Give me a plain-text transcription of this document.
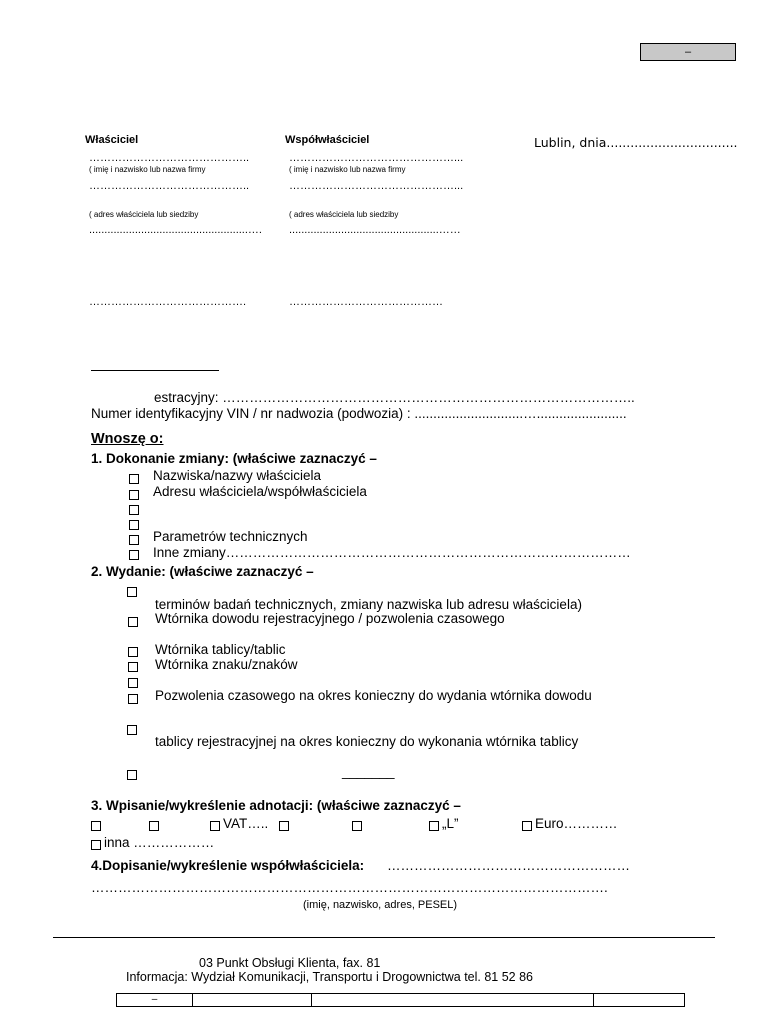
–
Właściciel
……………………………………..
( imię i nazwisko lub nazwa firmy
……………………………………..
( adres właściciela lub siedziby
....................................................….
…………………………………….
Współwłaściciel
………………………………………...
( imię i nazwisko lub nazwa firmy
………………………………………...
( adres właściciela lub siedziby
.................................................……
……………………………………
Lublin, dnia.................................
estracyjny: ………………………………………………………………………………..
Numer identyfikacyjny VIN / nr nadwozia (podwozia) : .............................…........................
Wnoszę o:
1. Dokonanie zmiany: (właściwe zaznaczyć –
Nazwiska/nazwy właściciela
Adresu właściciela/współwłaściciela
Parametrów technicznych
Inne zmiany………………………………………………………………………………
2. Wydanie: (właściwe zaznaczyć –
terminów badań technicznych, zmiany nazwiska lub adresu właściciela)
Wtórnika dowodu rejestracyjnego / pozwolenia czasowego
Wtórnika tablicy/tablic
Wtórnika znaku/znaków
Pozwolenia czasowego na okres konieczny do wydania wtórnika dowodu
tablicy rejestracyjnej na okres konieczny do wykonania wtórnika tablicy
_______
3. Wpisanie/wykreślenie adnotacji: (właściwe zaznaczyć –
VAT…..	„L”	Euro…………
inna ………………
4.Dopisanie/wykreślenie współwłaściciela: ………………………………………………
…………………………………………………………………………………………………….
(imię, nazwisko, adres, PESEL)
03 Punkt Obsługi Klienta, fax. 81
Informacja: Wydział Komunikacji, Transportu i Drogownictwa tel. 81 52 86
–
